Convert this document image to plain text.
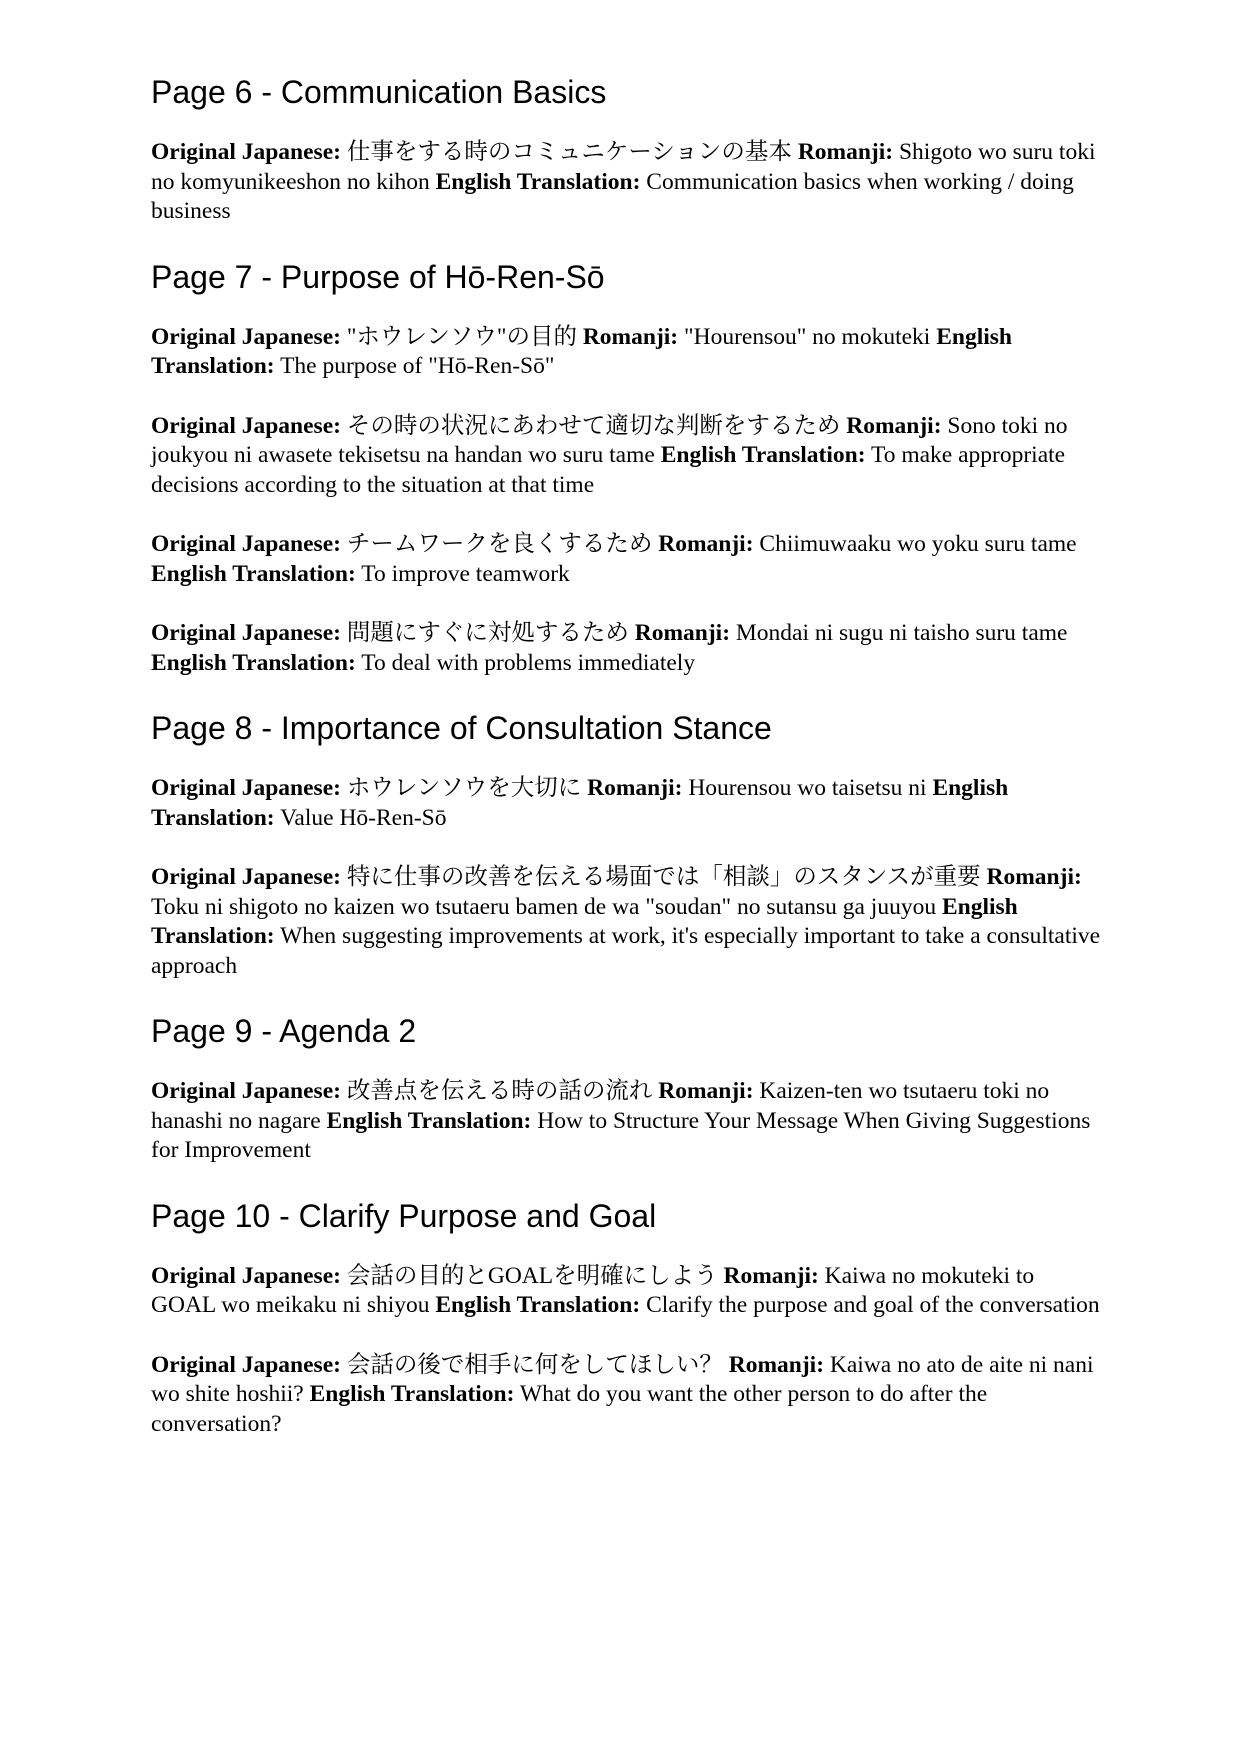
Page 6 - Communication Basics

Original Japanese: 仕事をする時のコミュニケーションの基本 Romanji: Shigoto wo suru toki no komyunikeeshon no kihon English Translation: Communication basics when working / doing business

Page 7 - Purpose of Hō-Ren-Sō

Original Japanese: "ホウレンソウ"の目的 Romanji: "Hourensou" no mokuteki English Translation: The purpose of "Hō-Ren-Sō"

Original Japanese: その時の状況にあわせて適切な判断をするため Romanji: Sono toki no joukyou ni awasete tekisetsu na handan wo suru tame English Translation: To make appropriate decisions according to the situation at that time

Original Japanese: チームワークを良くするため Romanji: Chiimuwaaku wo yoku suru tame English Translation: To improve teamwork

Original Japanese: 問題にすぐに対処するため Romanji: Mondai ni sugu ni taisho suru tame English Translation: To deal with problems immediately

Page 8 - Importance of Consultation Stance

Original Japanese: ホウレンソウを大切に Romanji: Hourensou wo taisetsu ni English Translation: Value Hō-Ren-Sō

Original Japanese: 特に仕事の改善を伝える場面では「相談」のスタンスが重要 Romanji: Toku ni shigoto no kaizen wo tsutaeru bamen de wa "soudan" no sutansu ga juuyou English Translation: When suggesting improvements at work, it's especially important to take a consultative approach

Page 9 - Agenda 2

Original Japanese: 改善点を伝える時の話の流れ Romanji: Kaizen-ten wo tsutaeru toki no hanashi no nagare English Translation: How to Structure Your Message When Giving Suggestions for Improvement

Page 10 - Clarify Purpose and Goal

Original Japanese: 会話の目的とGOALを明確にしよう Romanji: Kaiwa no mokuteki to GOAL wo meikaku ni shiyou English Translation: Clarify the purpose and goal of the conversation

Original Japanese: 会話の後で相手に何をしてほしい？ Romanji: Kaiwa no ato de aite ni nani wo shite hoshii? English Translation: What do you want the other person to do after the conversation?
